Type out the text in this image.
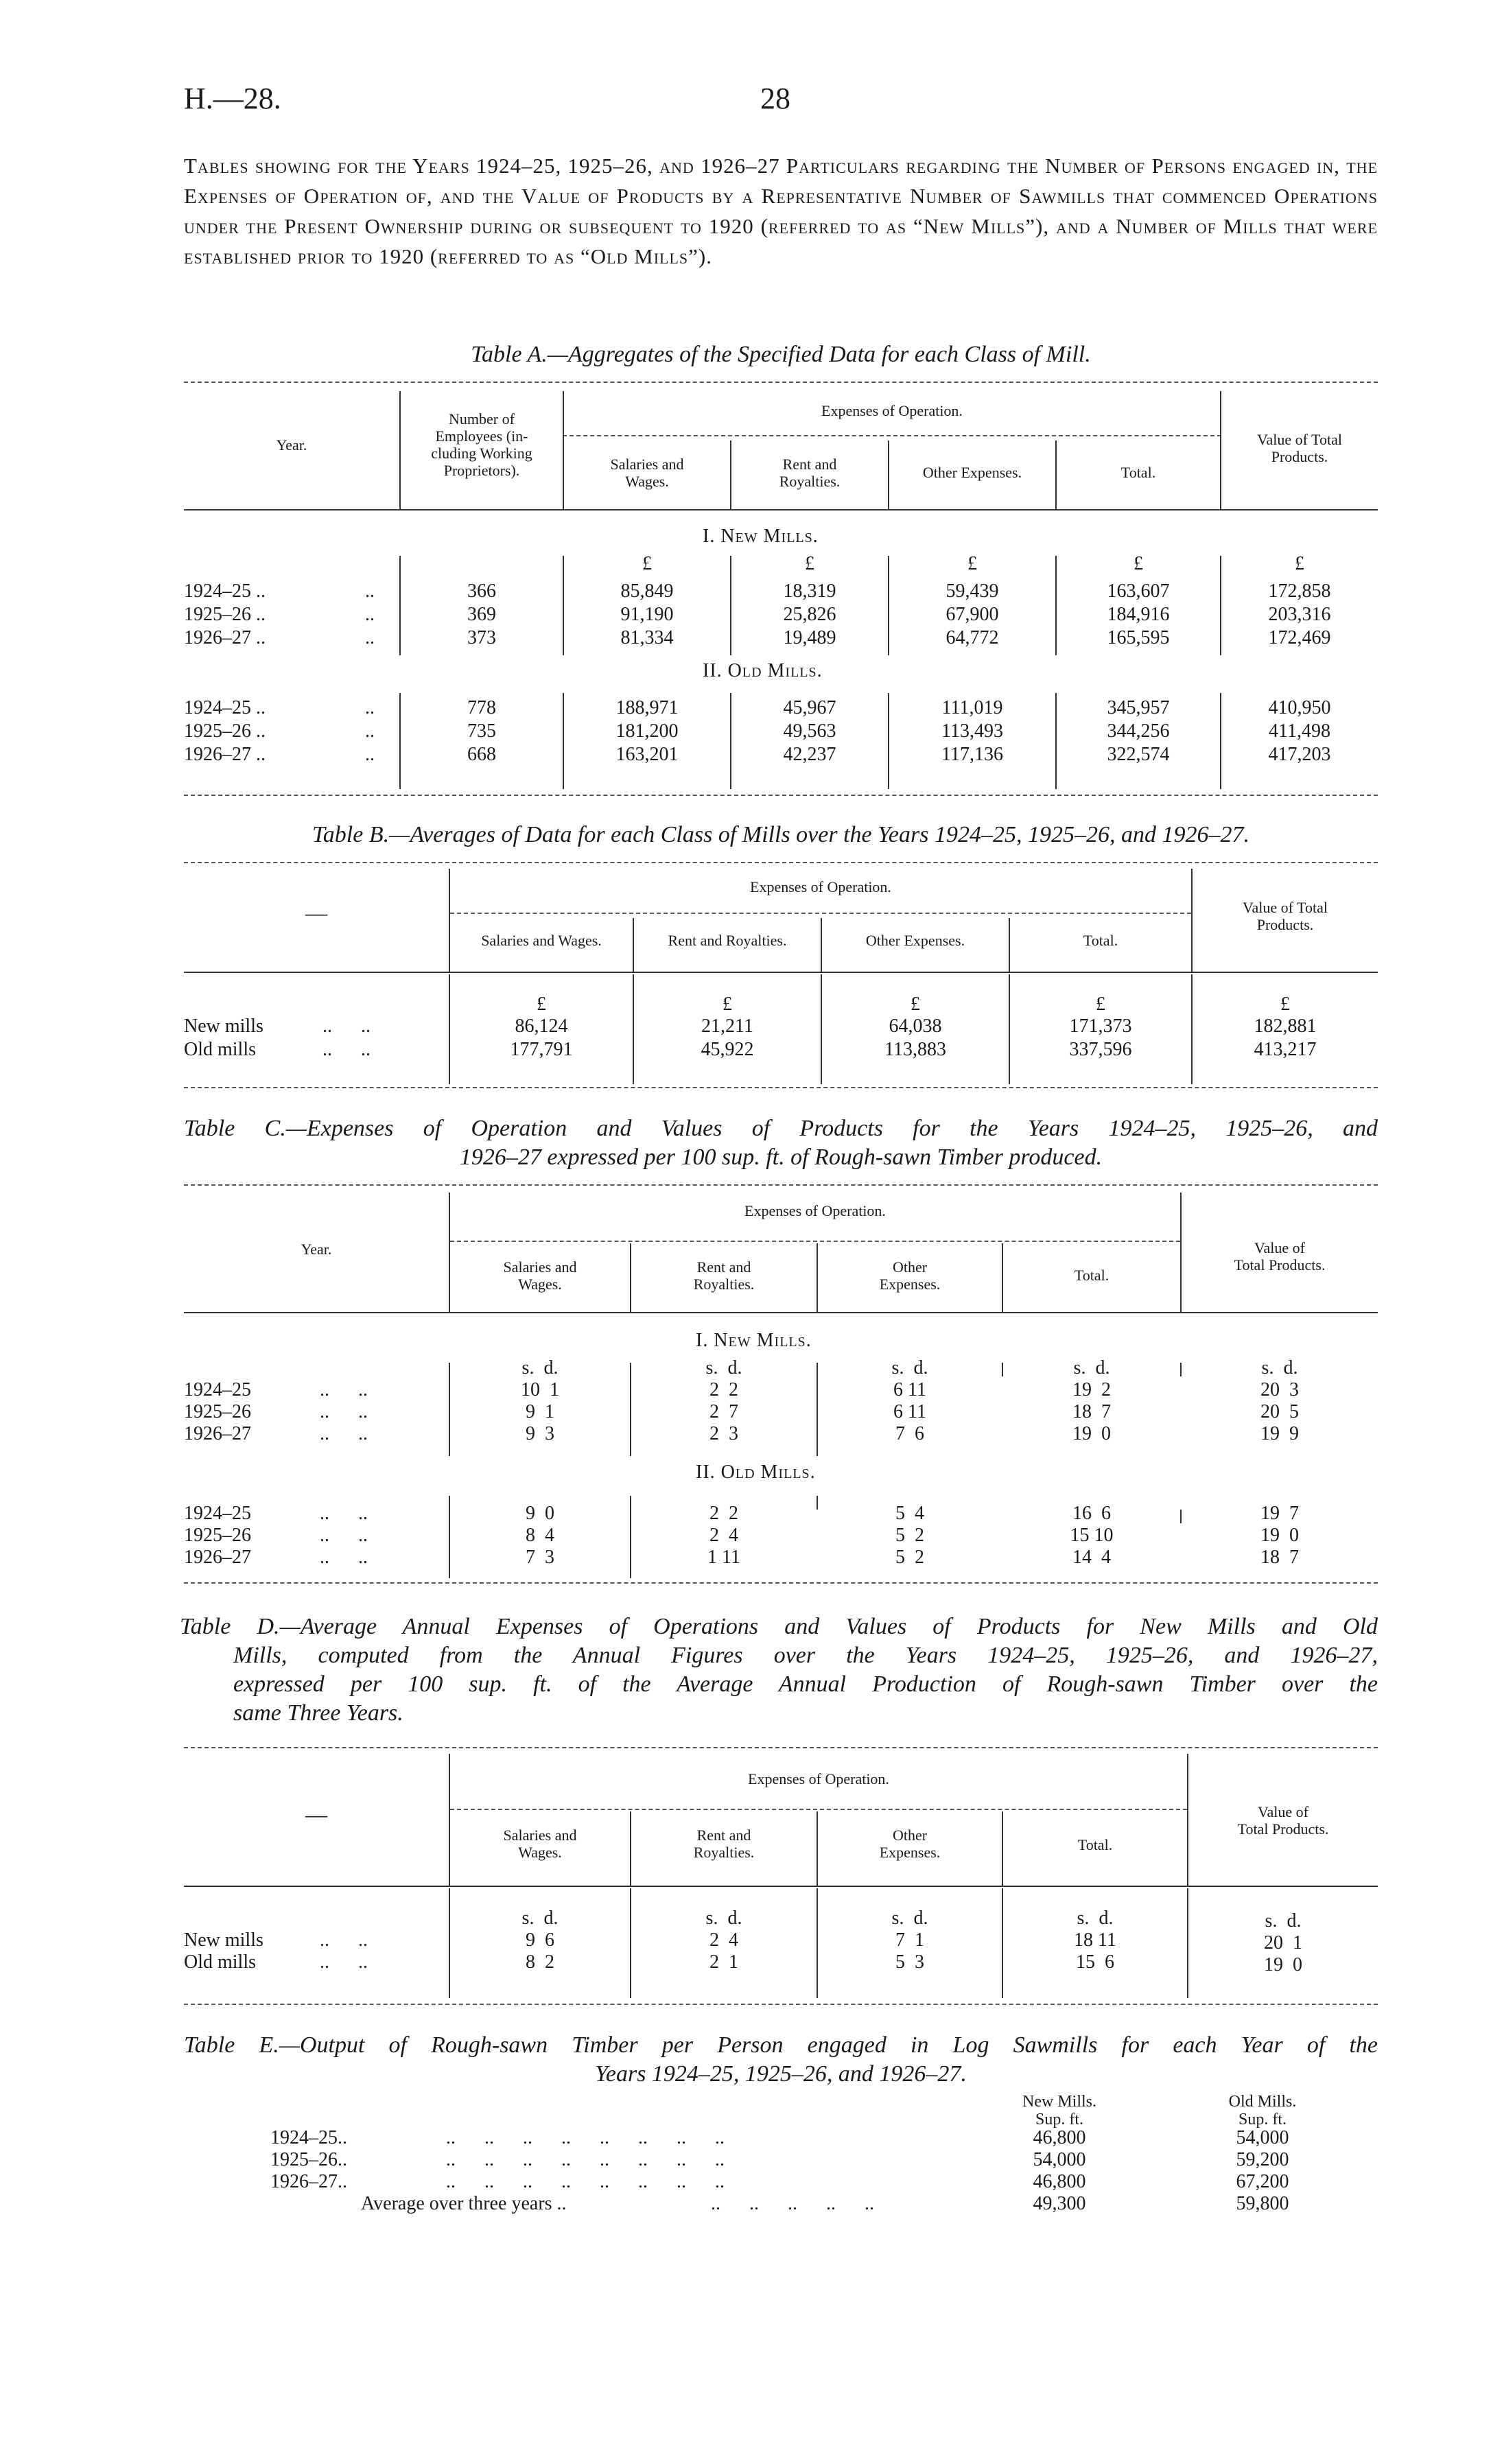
H.—28.	28
Tables showing for the Years 1924–25, 1925–26, and 1926–27 Particulars regarding the Number of Persons engaged in, the Expenses of Operation of, and the Value of Products by a Representative Number of Sawmills that commenced Operations under the Present Ownership during or subsequent to 1920 (referred to as “New Mills”), and a Number of Mills that were established prior to 1920 (referred to as “Old Mills”).
Table A.—Aggregates of the Specified Data for each Class of Mill.
Year.
Number of
Employees (in-
cluding Working
Proprietors).
Expenses of Operation.
Salaries and
Wages.
Rent and
Royalties.
Other Expenses.	Total.
Value of Total
Products.
I. New Mills.
£	£	£	£	£
1924–25 ..	..	366	85,849	18,319	59,439	163,607	172,858
1925–26 ..	..	369	91,190	25,826	67,900	184,916	203,316
1926–27 ..	..	373	81,334	19,489	64,772	165,595	172,469
II. Old Mills.
1924–25 ..	..	778	188,971	45,967	111,019	345,957	410,950
1925–26 ..	..	735	181,200	49,563	113,493	344,256	411,498
1926–27 ..	..	668	163,201	42,237	117,136	322,574	417,203
Table B.—Averages of Data for each Class of Mills over the Years 1924–25, 1925–26, and 1926–27.
—
Expenses of Operation.
Salaries and Wages.	Rent and Royalties.	Other Expenses.	Total.
Value of Total
Products.
£	£	£	£	£
New mills	..      ..	86,124	21,211	64,038	171,373	182,881
Old mills	..      ..	177,791	45,922	113,883	337,596	413,217
Table C.—Expenses of Operation and Values of Products for the Years 1924–25, 1925–26, and
1926–27 expressed per 100 sup. ft. of Rough-sawn Timber produced.
Year.
Expenses of Operation.
Salaries and
Wages.
Rent and
Royalties.
Other
Expenses.
Total.
Value of
Total Products.
I. New Mills.
s.  d.	s.  d.	s.  d.	s.  d.	s.  d.
1924–25	..      ..	10  1	2  2	6 11	19  2	20  3
1925–26	..      ..	9  1	2  7	6 11	18  7	20  5
1926–27	..      ..	9  3	2  3	7  6	19  0	19  9
II. Old Mills.
1924–25	..      ..	9  0	2  2	5  4	16  6	19  7
1925–26	..      ..	8  4	2  4	5  2	15 10	19  0
1926–27	..      ..	7  3	1 11	5  2	14  4	18  7
Table D.—Average Annual Expenses of Operations and Values of Products for New Mills and Old
Mills, computed from the Annual Figures over the Years 1924–25, 1925–26, and 1926–27,
expressed per 100 sup. ft. of the Average Annual Production of Rough-sawn Timber over the
same Three Years.
—
Expenses of Operation.
Salaries and
Wages.
Rent and
Royalties.
Other
Expenses.	Total.
Value of
Total Products.
s.  d.	s.  d.	s.  d.	s.  d.	s.  d.
New mills	..      ..	9  6	2  4	7  1	18 11	20  1
Old mills	..      ..	8  2	2  1	5  3	15  6	19  0
Table E.—Output of Rough-sawn Timber per Person engaged in Log Sawmills for each Year of the
Years 1924–25, 1925–26, and 1926–27.
New Mills.	Old Mills.
Sup. ft.	Sup. ft.
1924–25..	..      ..      ..      ..      ..      ..      ..      ..	46,800	54,000
1925–26..	..      ..      ..      ..      ..      ..      ..      ..	54,000	59,200
1926–27..	..      ..      ..      ..      ..      ..      ..      ..	46,800	67,200
Average over three years ..	..      ..      ..      ..      ..	49,300	59,800
